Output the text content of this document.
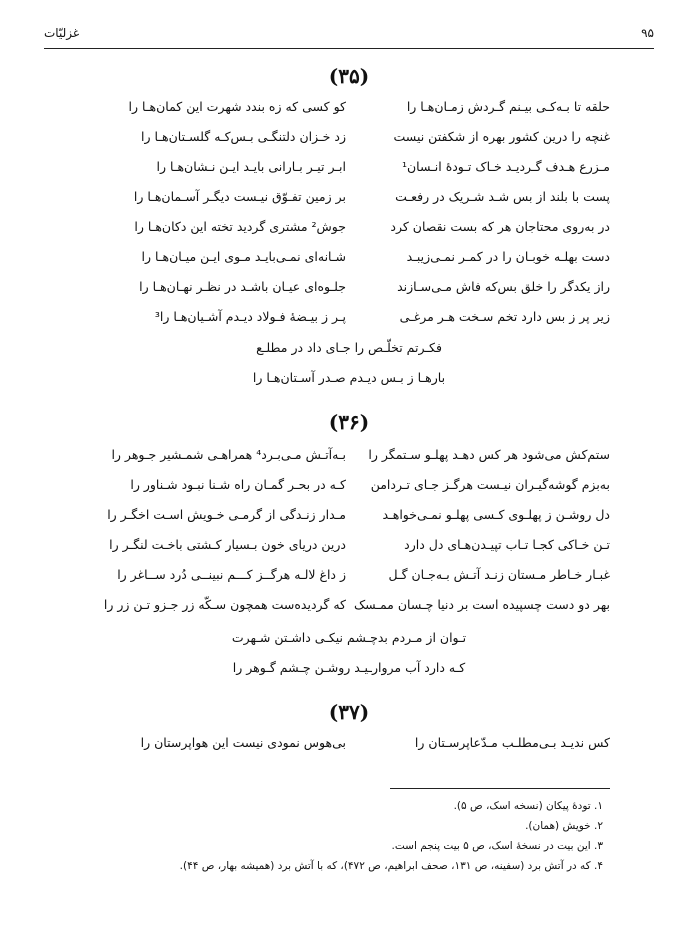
۹۵
غزلیّات
(۳۵)
حلقه تا بـه‌کـی بیـنم گـردش زمـان‌هـا را
کو کسی که زه بندد شهرت این کمان‌هـا را
غنچه را درین کشور بهره از شکفتن نیست
زد خـزان دلتنگـی بـس‌کـه گلسـتان‌هـا را
مـزرع هـدف گـردیـد خـاک تـودهٔ انـسان¹
ابـر تیـر بـارانی بایـد ایـن نـشان‌هـا را
پست با بلند از بس شـد شـریک در رفعـت
بر زمین تفـوّق نیـست دیگـر آسـمان‌هـا را
در به‌روی محتاجان هر که بست نقصان کرد
جوش² مشتری گردید تخته این دکان‌هـا را
دست بهلـه خوبـان را در کمـر نمـی‌زیبـد
شـانه‌ای نمـی‌بایـد مـوی ایـن میـان‌هـا را
راز یکدگر را خلق بس‌که فاش مـی‌سـازند
جلـوه‌ای عیـان باشـد در نظـر نهـان‌هـا را
زیر پر ز بس دارد تخم سـخت هـر مرغـی
پـر ز بیـضهٔ فـولاد دیـدم آشـیان‌هـا را³
فکـرتم تخلّـص را جـای داد در مطلـع
بارهـا ز بـس دیـدم صـدر آسـتان‌هـا را
(۳۶)
ستم‌کش می‌شود هر کس دهـد پهلـو سـتمگر را
بـه‌آتـش مـی‌بـرد⁴ همراهـی شمـشیر جـوهر را
به‌بزم گوشه‌گیـران نیـست هرگـز جـای تـردامن
کـه در بحـر گمـان راه شـنا نبـود شـناور را
دل روشـن ز پهلـوی کـسی پهلـو نمـی‌خواهـد
مـدار زنـدگی از گرمـی خـویش اسـت اخگـر را
تـن خـاکی کجـا تـاب تپیـدن‌هـای دل دارد
درین دریای خون بـسیار کـشتی باخـت لنگـر را
غبـار خـاطر مـستان زنـد آتـش بـه‌جـان گـل
ز داغ لالـه هرگــز کـــم نبینــی دُرد ســاغر را
بهر دو دست چسپیده است بر دنیا چـسان ممـسک
که گردیده‌ست همچون سـکّه زر جـزو تـن زر را
تـوان از مـردم بدچـشم نیکـی داشـتن شـهرت
کـه دارد آب مروارـیـد روشـن چـشم گـوهر را
(۳۷)
کس ندیـد بـی‌مطلـب مـدّعاپرسـتان را
بی‌هوس نمودی نیست این هواپرستان را
۱. تودهٔ پیکان (نسخه اسک، ص ۵).
۲. خویش (همان).
۳. این بیت در نسخهٔ اسک، ص ۵ بیت پنجم است.
۴. که در آتش برد (سفینه، ص ۱۳۱، صحف ابراهیم، ص ۴۷۲)، که با آتش برد (همیشه بهار، ص ۴۴).
